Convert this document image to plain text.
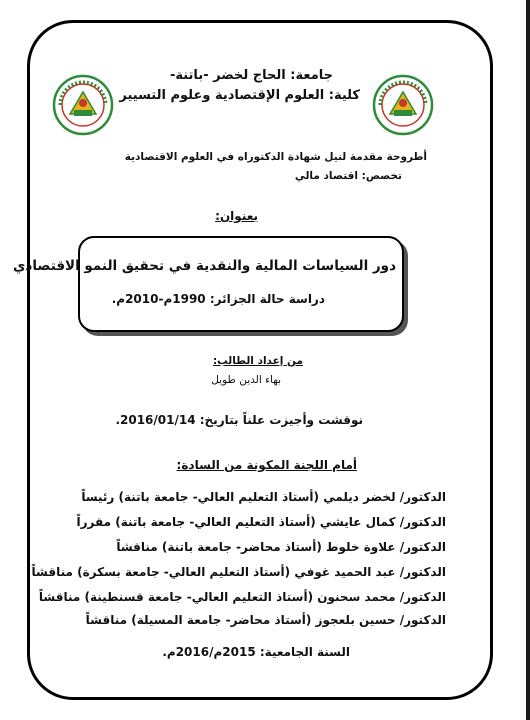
جامعة: الحاج لخضر -باتنة-
كلية: العلوم الإقتصادية وعلوم التسيير
أطروحة مقدمة لنيل شهادة الدكتوراه في العلوم الاقتصادية
تخصص: اقتصاد مالي
بعنوان:
دور السياسات المالية والنقدية في تحقيق النمو الاقتصادي
دراسة حالة الجزائر: 1990م-2010م.
من إعداد الطالب:
بهاء الدين طويل
نوقشت وأجيزت علناً بتاريخ: 2016/01/14.
أمام اللجنة المكونة من السادة:
الدكتور/ لخضر ديلمي (أستاذ التعليم العالي- جامعة باتنة) رئيساً
الدكتور/ كمال عايشي (أستاذ التعليم العالي- جامعة باتنة) مقرراً
الدكتور/ علاوة خلوط (أستاذ محاضر- جامعة باتنة) مناقشاً
الدكتور/ عبد الحميد غوفي (أستاذ التعليم العالي- جامعة بسكرة) مناقشاً
الدكتور/ محمد سحنون (أستاذ التعليم العالي- جامعة قسنطينة) مناقشاً
الدكتور/ حسين بلعجوز (أستاذ محاضر- جامعة المسيلة) مناقشاً
السنة الجامعية: 2015م/2016م.
